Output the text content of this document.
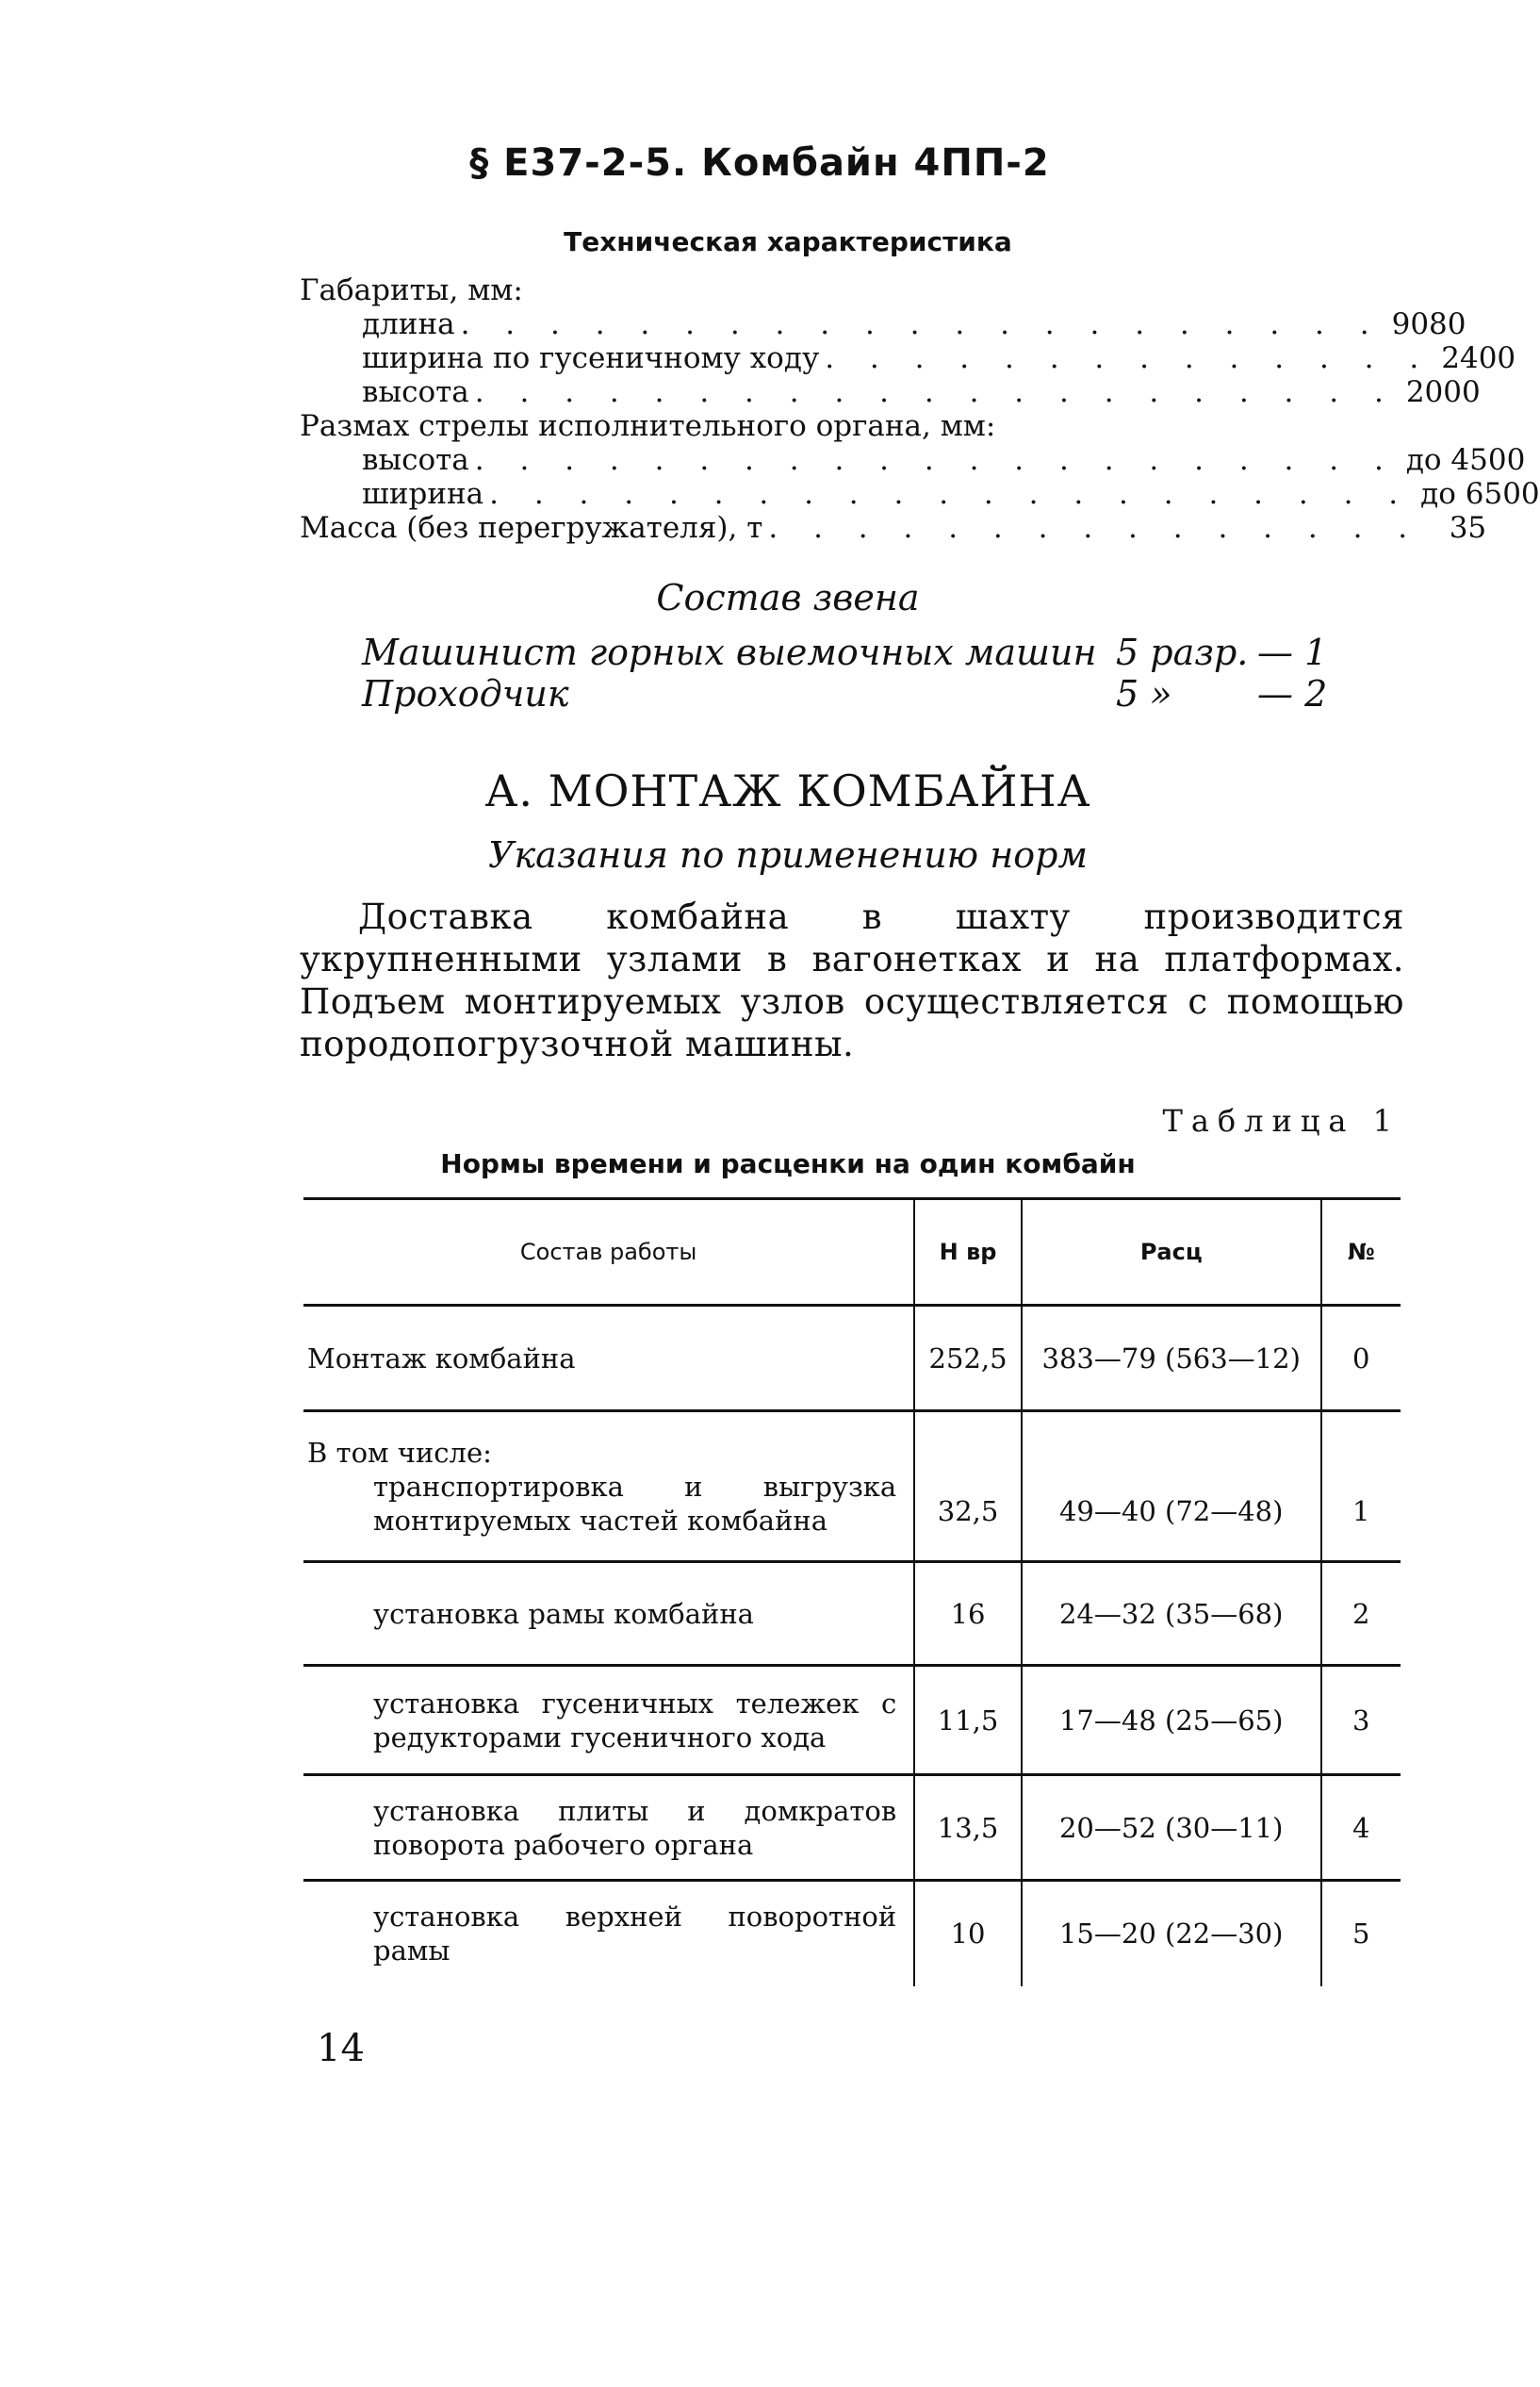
§ Е37-2-5. Комбайн 4ПП-2
Техническая характеристика
Габариты, мм:
длина . . . . . . . . . . . . . . . . . . . . . 9080
ширина по гусеничному ходу . . . . . . . . . . . . . . 2400
высота . . . . . . . . . . . . . . . . . . . . . 2000
Размах стрелы исполнительного органа, мм:
высота . . . . . . . . . . . . . . . . . . . . . до 4500
ширина . . . . . . . . . . . . . . . . . . . . . до 6500
Масса (без перегружателя), т . . . . . . . . . . . . . . . 35
Состав звена
Машинист горных выемочных машин 5 разр. — 1
Проходчик	5 » — 2
А. МОНТАЖ КОМБАЙНА
Указания по применению норм
Доставка комбайна в шахту производится укрупненными узлами в вагонетках и на платформах. Подъем монтируемых узлов осуществляется с помощью породопогрузочной машины.
Таблица 1
Нормы времени и расценки на один комбайн
Состав работы	Н вр	Расц	№

Монтаж комбайна	252,5	383—79 (563—12)	0

В том числе:
транспортировка и выгрузка монтируемых частей комбайна	32,5	49—40 (72—48)	1

установка рамы комбайна	16	24—32 (35—68)	2

установка гусеничных тележек с редукторами гусеничного хода	11,5	17—48 (25—65)	3

установка плиты и домкратов поворота рабочего органа	13,5	20—52 (30—11)	4

установка верхней поворотной рамы	10	15—20 (22—30)	5
14
